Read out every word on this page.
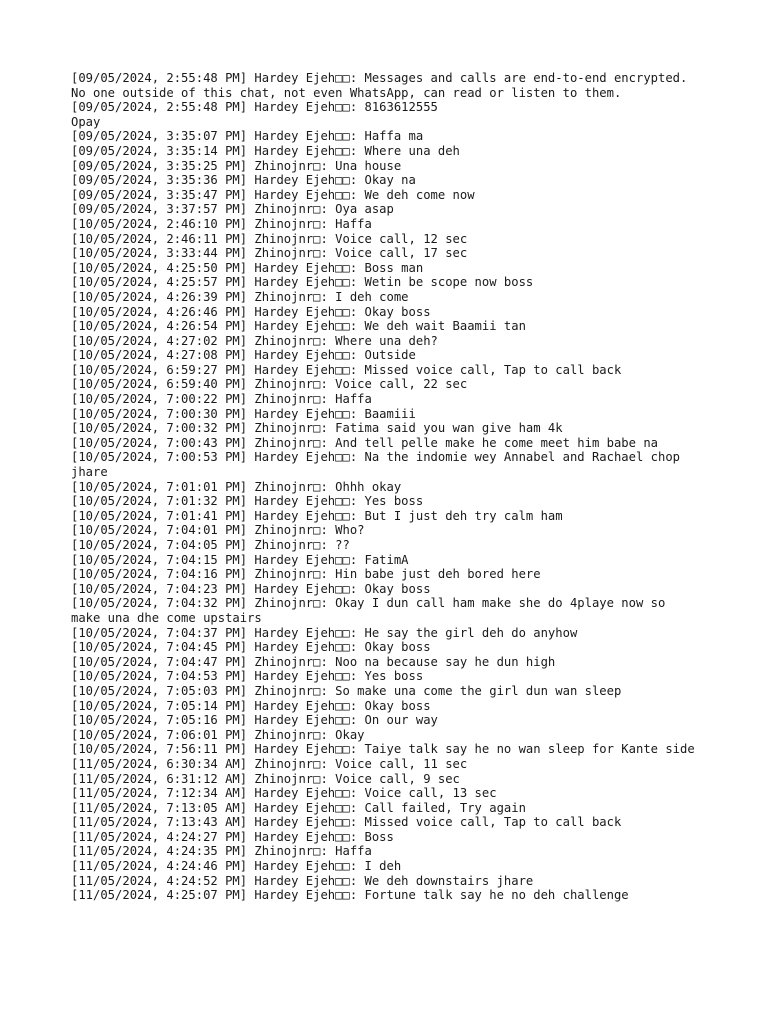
[09/05/2024, 2:55:48 PM] Hardey Ejeh□□: Messages and calls are end-to-end encrypted. No one outside of this chat, not even WhatsApp, can read or listen to them.
[09/05/2024, 2:55:48 PM] Hardey Ejeh□□: 8163612555
Opay
[09/05/2024, 3:35:07 PM] Hardey Ejeh□□: Haffa ma
[09/05/2024, 3:35:14 PM] Hardey Ejeh□□: Where una deh
[09/05/2024, 3:35:25 PM] Zhinojnr□: Una house
[09/05/2024, 3:35:36 PM] Hardey Ejeh□□: Okay na
[09/05/2024, 3:35:47 PM] Hardey Ejeh□□: We deh come now
[09/05/2024, 3:37:57 PM] Zhinojnr□: Oya asap
[10/05/2024, 2:46:10 PM] Zhinojnr□: Haffa
[10/05/2024, 2:46:11 PM] Zhinojnr□: Voice call, 12 sec
[10/05/2024, 3:33:44 PM] Zhinojnr□: Voice call, 17 sec
[10/05/2024, 4:25:50 PM] Hardey Ejeh□□: Boss man
[10/05/2024, 4:25:57 PM] Hardey Ejeh□□: Wetin be scope now boss
[10/05/2024, 4:26:39 PM] Zhinojnr□: I deh come
[10/05/2024, 4:26:46 PM] Hardey Ejeh□□: Okay boss
[10/05/2024, 4:26:54 PM] Hardey Ejeh□□: We deh wait Baamii tan
[10/05/2024, 4:27:02 PM] Zhinojnr□: Where una deh?
[10/05/2024, 4:27:08 PM] Hardey Ejeh□□: Outside
[10/05/2024, 6:59:27 PM] Hardey Ejeh□□: Missed voice call, Tap to call back
[10/05/2024, 6:59:40 PM] Zhinojnr□: Voice call, 22 sec
[10/05/2024, 7:00:22 PM] Zhinojnr□: Haffa
[10/05/2024, 7:00:30 PM] Hardey Ejeh□□: Baamiii
[10/05/2024, 7:00:32 PM] Zhinojnr□: Fatima said you wan give ham 4k
[10/05/2024, 7:00:43 PM] Zhinojnr□: And tell pelle make he come meet him babe na
[10/05/2024, 7:00:53 PM] Hardey Ejeh□□: Na the indomie wey Annabel and Rachael chop jhare
[10/05/2024, 7:01:01 PM] Zhinojnr□: Ohhh okay
[10/05/2024, 7:01:32 PM] Hardey Ejeh□□: Yes boss
[10/05/2024, 7:01:41 PM] Hardey Ejeh□□: But I just deh try calm ham
[10/05/2024, 7:04:01 PM] Zhinojnr□: Who?
[10/05/2024, 7:04:05 PM] Zhinojnr□: ??
[10/05/2024, 7:04:15 PM] Hardey Ejeh□□: FatimA
[10/05/2024, 7:04:16 PM] Zhinojnr□: Hin babe just deh bored here
[10/05/2024, 7:04:23 PM] Hardey Ejeh□□: Okay boss
[10/05/2024, 7:04:32 PM] Zhinojnr□: Okay I dun call ham make she do 4playe now so make una dhe come upstairs
[10/05/2024, 7:04:37 PM] Hardey Ejeh□□: He say the girl deh do anyhow
[10/05/2024, 7:04:45 PM] Hardey Ejeh□□: Okay boss
[10/05/2024, 7:04:47 PM] Zhinojnr□: Noo na because say he dun high
[10/05/2024, 7:04:53 PM] Hardey Ejeh□□: Yes boss
[10/05/2024, 7:05:03 PM] Zhinojnr□: So make una come the girl dun wan sleep
[10/05/2024, 7:05:14 PM] Hardey Ejeh□□: Okay boss
[10/05/2024, 7:05:16 PM] Hardey Ejeh□□: On our way
[10/05/2024, 7:06:01 PM] Zhinojnr□: Okay
[10/05/2024, 7:56:11 PM] Hardey Ejeh□□: Taiye talk say he no wan sleep for Kante side
[11/05/2024, 6:30:34 AM] Zhinojnr□: Voice call, 11 sec
[11/05/2024, 6:31:12 AM] Zhinojnr□: Voice call, 9 sec
[11/05/2024, 7:12:34 AM] Hardey Ejeh□□: Voice call, 13 sec
[11/05/2024, 7:13:05 AM] Hardey Ejeh□□: Call failed, Try again
[11/05/2024, 7:13:43 AM] Hardey Ejeh□□: Missed voice call, Tap to call back
[11/05/2024, 4:24:27 PM] Hardey Ejeh□□: Boss
[11/05/2024, 4:24:35 PM] Zhinojnr□: Haffa
[11/05/2024, 4:24:46 PM] Hardey Ejeh□□: I deh
[11/05/2024, 4:24:52 PM] Hardey Ejeh□□: We deh downstairs jhare
[11/05/2024, 4:25:07 PM] Hardey Ejeh□□: Fortune talk say he no deh challenge
